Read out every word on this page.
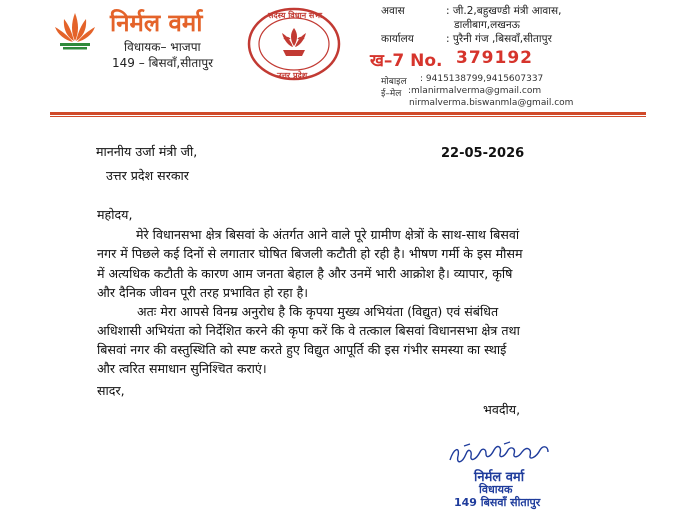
निर्मल वर्मा
विधायक– भाजपा
149 – बिसवाँ,सीतापुर
सदस्य विधान सभा
उत्तर प्रदेश
अवास	: जी.2,बहुखण्डी मंत्री आवास,
डालीबाग,लखनऊ
कार्यालय	: पुरैनी गंज ,बिसवाँ,सीतापुर
ख–7 No. 379192
मोबाइल : 9415138799,9415607337
ई–मेल :mlanirmalverma@gmail.com
nirmalverma.biswanmla@gmail.com
माननीय उर्जा मंत्री जी,
उत्तर प्रदेश सरकार
22-05-2026
महोदय,
मेरे विधानसभा क्षेत्र बिसवां के अंतर्गत आने वाले पूरे ग्रामीण क्षेत्रों के साथ-साथ बिसवां
नगर में पिछले कई दिनों से लगातार घोषित बिजली कटौती हो रही है। भीषण गर्मी के इस मौसम
में अत्यधिक कटौती के कारण आम जनता बेहाल है और उनमें भारी आक्रोश है। व्यापार, कृषि
और दैनिक जीवन पूरी तरह प्रभावित हो रहा है।
अतः मेरा आपसे विनम्र अनुरोध है कि कृपया मुख्य अभियंता (विद्युत) एवं संबंधित
अधिशासी अभियंता को निर्देशित करने की कृपा करें कि वे तत्काल बिसवां विधानसभा क्षेत्र तथा
बिसवां नगर की वस्तुस्थिति को स्पष्ट करते हुए विद्युत आपूर्ति की इस गंभीर समस्या का स्थाई
और त्वरित समाधान सुनिश्चित कराएं।
सादर,
भवदीय,
निर्मल वर्मा
विधायक
149 बिसवाँ सीतापुर
